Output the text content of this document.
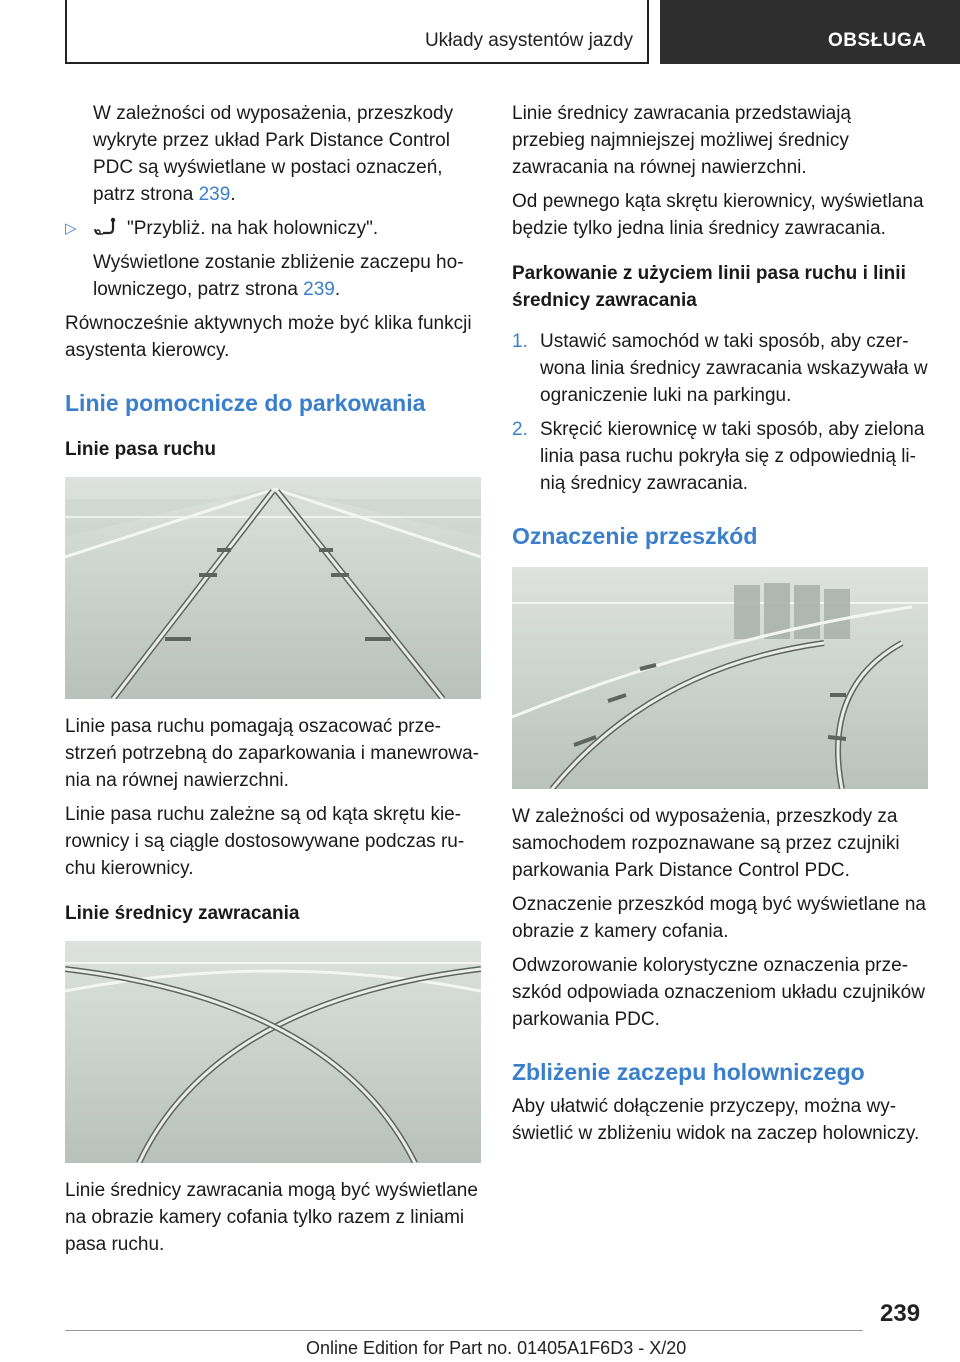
Układy asystentów jazdy	OBSŁUGA

W zależności od wyposażenia, przeszkody wykryte przez układ Park Distance Control PDC są wyświetlane w postaci oznaczeń, patrz strona 239.

▷	"Przybliż. na hak holowniczy".

Wyświetlone zostanie zbliżenie zaczepu holowniczego, patrz strona 239.

Równocześnie aktywnych może być klika funkcji asystenta kierowcy.

Linie pomocnicze do parkowania
Linie pasa ruchu

Linie pasa ruchu pomagają oszacować przestrzeń potrzebną do zaparkowania i manewrowania na równej nawierzchni.

Linie pasa ruchu zależne są od kąta skrętu kierownicy i są ciągle dostosowywane podczas ruchu kierownicy.

Linie średnicy zawracania

Linie średnicy zawracania mogą być wyświetlane na obrazie kamery cofania tylko razem z liniami pasa ruchu.

Linie średnicy zawracania przedstawiają przebieg najmniejszej możliwej średnicy zawracania na równej nawierzchni.

Od pewnego kąta skrętu kierownicy, wyświetlana będzie tylko jedna linia średnicy zawracania.

Parkowanie z użyciem linii pasa ruchu i linii średnicy zawracania
1. Ustawić samochód w taki sposób, aby czerwona linia średnicy zawracania wskazywała w ograniczenie luki na parkingu.
2. Skręcić kierownicę w taki sposób, aby zielona linia pasa ruchu pokryła się z odpowiednią linią średnicy zawracania.
Oznaczenie przeszkód

W zależności od wyposażenia, przeszkody za samochodem rozpoznawane są przez czujniki parkowania Park Distance Control PDC.

Oznaczenie przeszkód mogą być wyświetlane na obrazie z kamery cofania.

Odwzorowanie kolorystyczne oznaczenia przeszkód odpowiada oznaczeniom układu czujników parkowania PDC.

Zbliżenie zaczepu holowniczego

Aby ułatwić dołączenie przyczepy, można wyświetlić w zbliżeniu widok na zaczep holowniczy.

239
Online Edition for Part no. 01405A1F6D3 - X/20
